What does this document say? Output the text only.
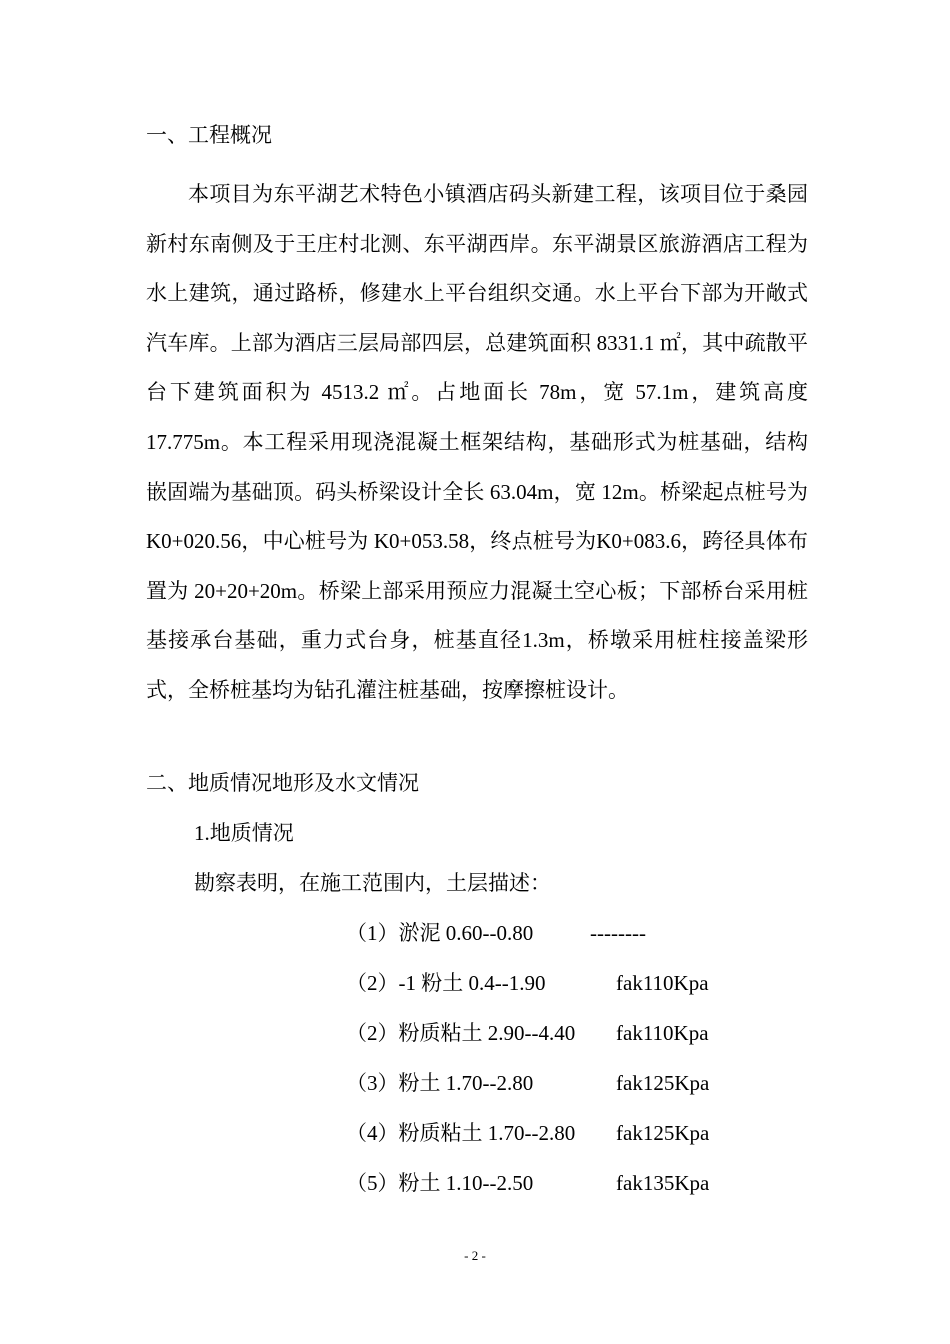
一、工程概况

本项目为东平湖艺术特色小镇酒店码头新建工程，该项目位于桑园新村东南侧及于王庄村北测、东平湖西岸。东平湖景区旅游酒店工程为水上建筑，通过路桥，修建水上平台组织交通。水上平台下部为开敞式汽车库。上部为酒店三层局部四层，总建筑面积 8331.1 ㎡，其中疏散平台下建筑面积为 4513.2 ㎡。占地面长 78m，宽 57.1m，建筑高度 17.775m。本工程采用现浇混凝土框架结构，基础形式为桩基础，结构嵌固端为基础顶。码头桥梁设计全长 63.04m，宽 12m。桥梁起点桩号为 K0+020.56，中心桩号为 K0+053.58，终点桩号为K0+083.6，跨径具体布置为 20+20+20m。桥梁上部采用预应力混凝土空心板；下部桥台采用桩基接承台基础，重力式台身，桩基直径1.3m，桥墩采用桩柱接盖梁形式，全桥桩基均为钻孔灌注桩基础，按摩擦桩设计。

二、地质情况地形及水文情况
1.地质情况
勘察表明，在施工范围内，土层描述：
（1）淤泥 0.60--0.80	--------
（2）-1 粉土 0.4--1.90	fak110Kpa
（2）粉质粘土 2.90--4.40 fak110Kpa
（3）粉土 1.70--2.80	fak125Kpa
（4）粉质粘土 1.70--2.80 fak125Kpa
（5）粉土 1.10--2.50	fak135Kpa
- 2 -
